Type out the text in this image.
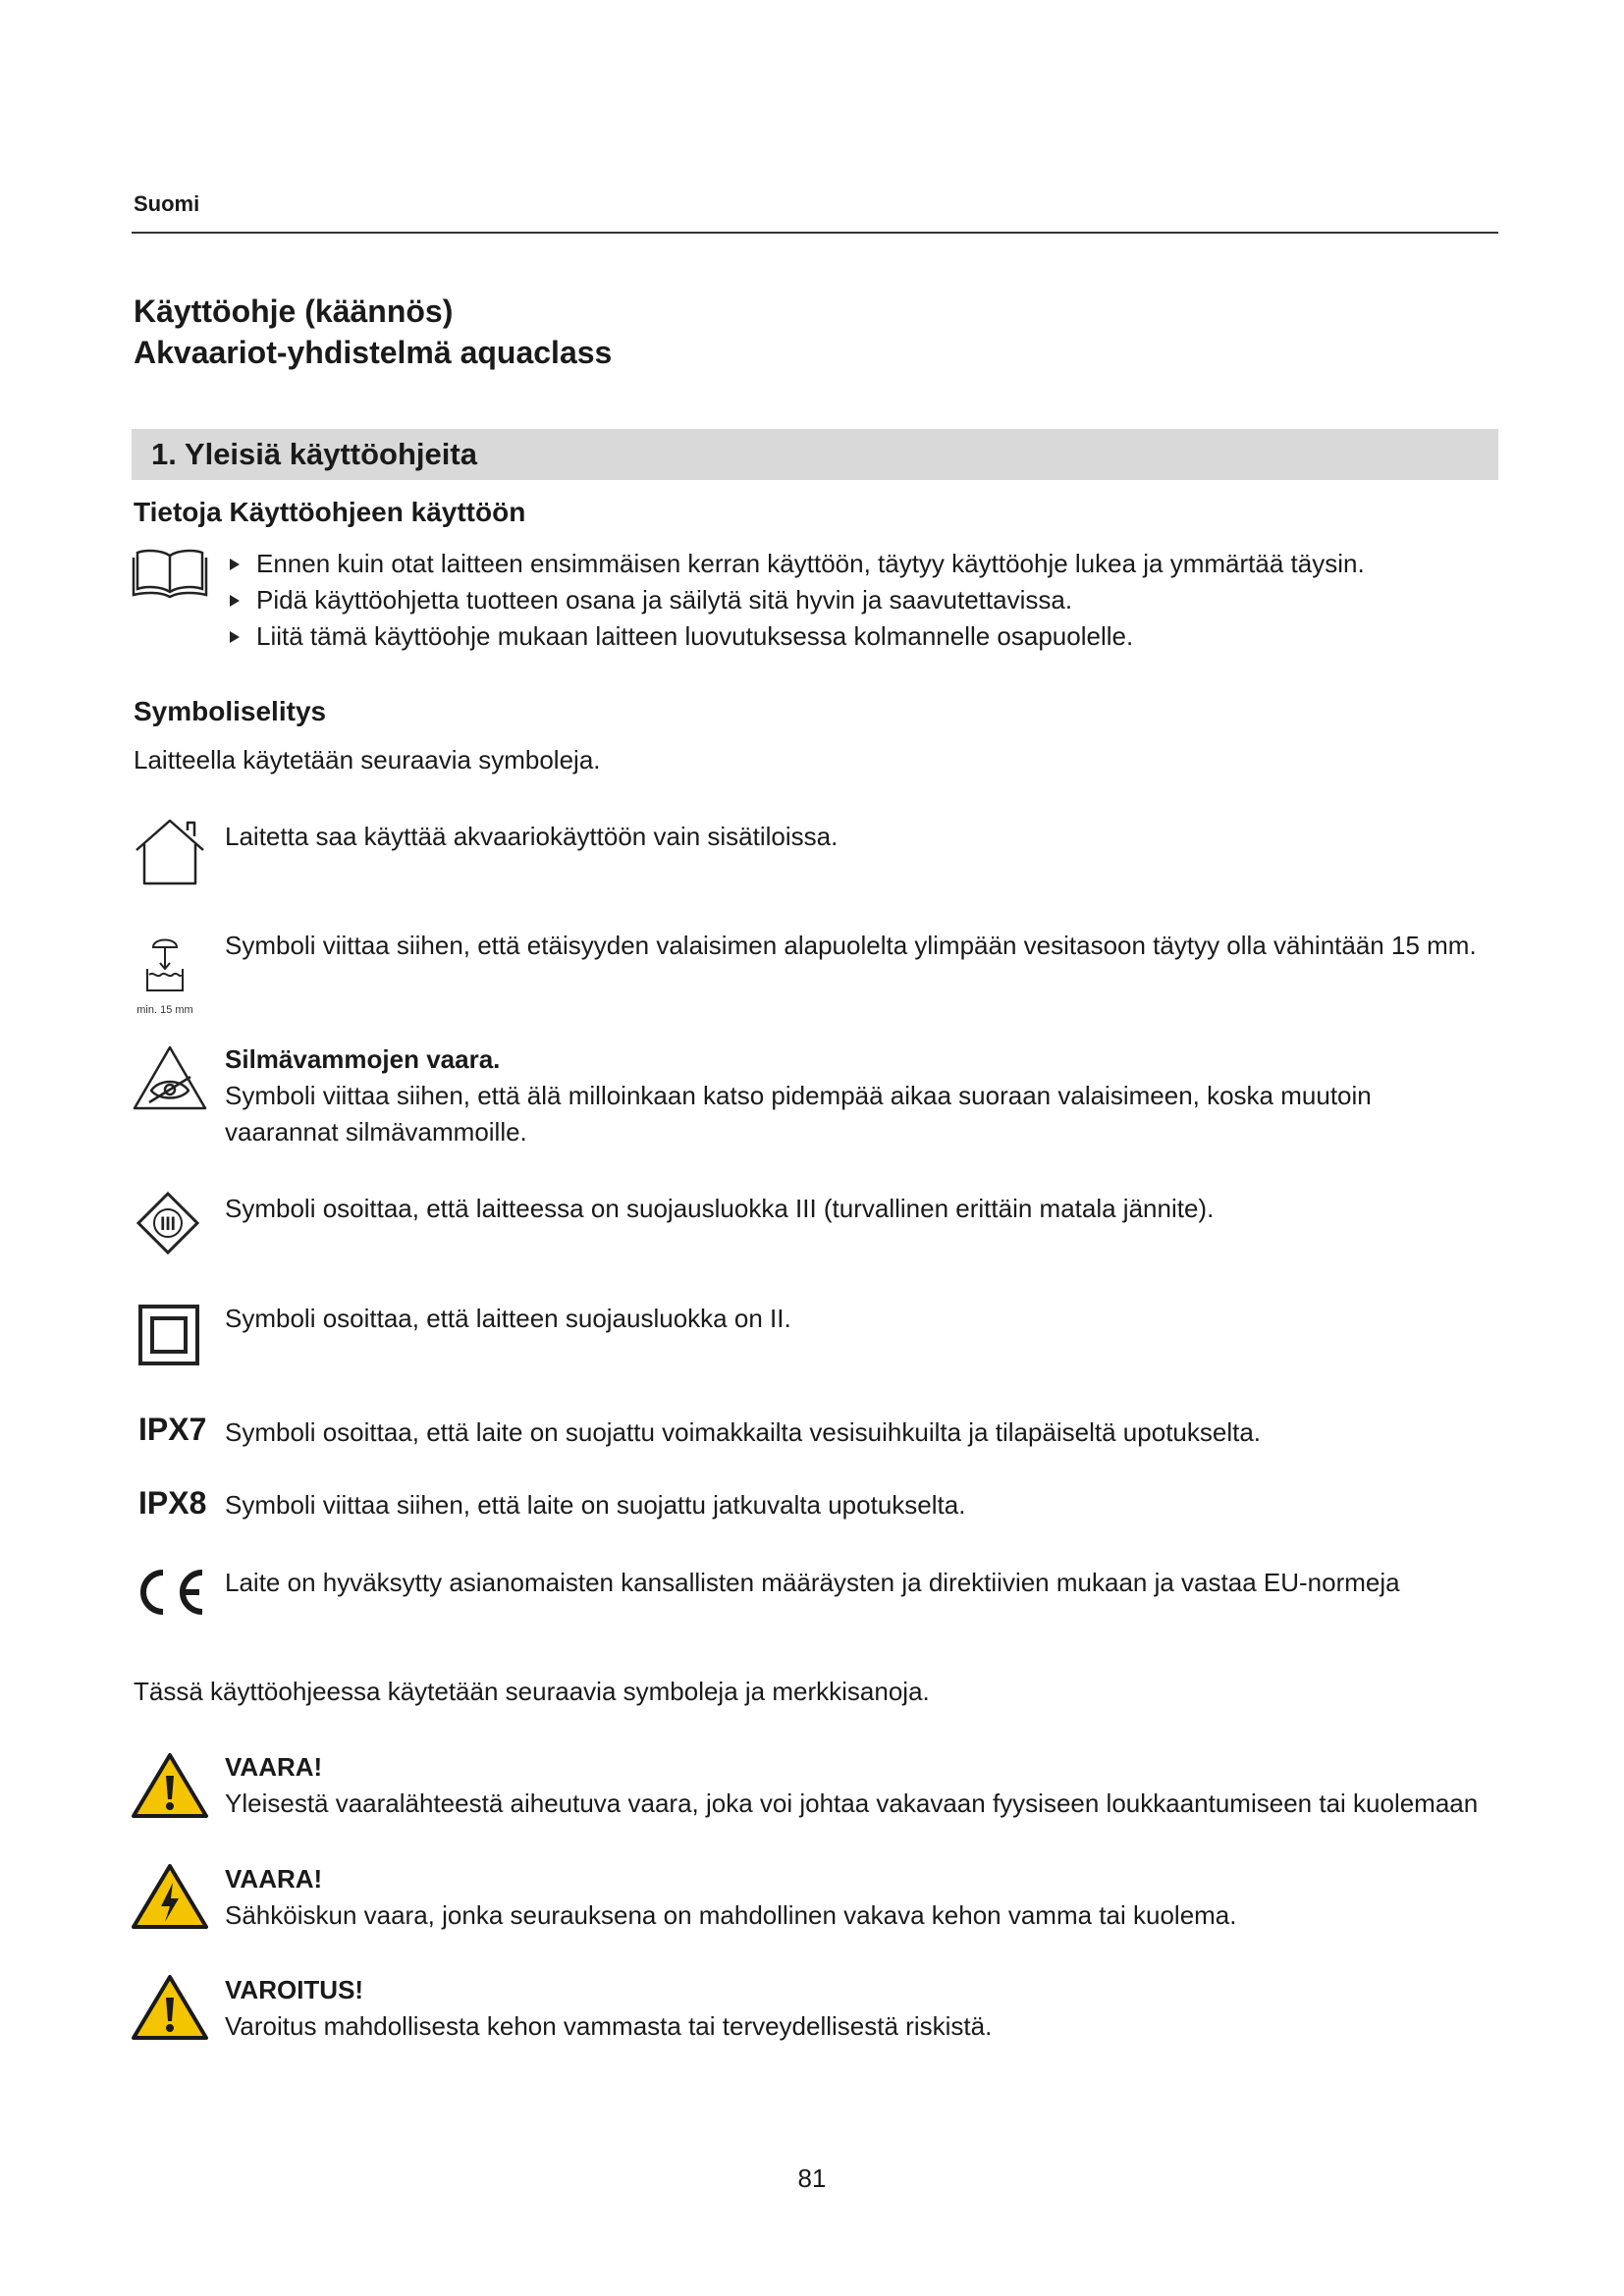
Suomi
Käyttöohje (käännös)
Akvaariot-yhdistelmä aquaclass
1. Yleisiä käyttöohjeita
Tietoja Käyttöohjeen käyttöön
Ennen kuin otat laitteen ensimmäisen kerran käyttöön, täytyy käyttöohje lukea ja ymmärtää täysin.
Pidä käyttöohjetta tuotteen osana ja säilytä sitä hyvin ja saavutettavissa.
Liitä tämä käyttöohje mukaan laitteen luovutuksessa kolmannelle osapuolelle.
Symboliselitys
Laitteella käytetään seuraavia symboleja.
Laitetta saa käyttää akvaariokäyttöön vain sisätiloissa.
min. 15 mm
Symboli viittaa siihen, että etäisyyden valaisimen alapuolelta ylimpään vesitasoon täytyy olla vähintään 15 mm.
Silmävammojen vaara.
Symboli viittaa siihen, että älä milloinkaan katso pidempää aikaa suoraan valaisimeen, koska muutoin vaarannat silmävammoille.
III
Symboli osoittaa, että laitteessa on suojausluokka III (turvallinen erittäin matala jännite).
Symboli osoittaa, että laitteen suojausluokka on II.
IPX7 Symboli osoittaa, että laite on suojattu voimakkailta vesisuihkuilta ja tilapäiseltä upotukselta.
IPX8 Symboli viittaa siihen, että laite on suojattu jatkuvalta upotukselta.
Laite on hyväksytty asianomaisten kansallisten määräysten ja direktiivien mukaan ja vastaa EU-normeja
Tässä käyttöohjeessa käytetään seuraavia symboleja ja merkkisanoja.
VAARA!
Yleisestä vaaralähteestä aiheutuva vaara, joka voi johtaa vakavaan fyysiseen loukkaantumiseen tai kuolemaan
VAARA!
Sähköiskun vaara, jonka seurauksena on mahdollinen vakava kehon vamma tai kuolema.
VAROITUS!
Varoitus mahdollisesta kehon vammasta tai terveydellisestä riskistä.
81
